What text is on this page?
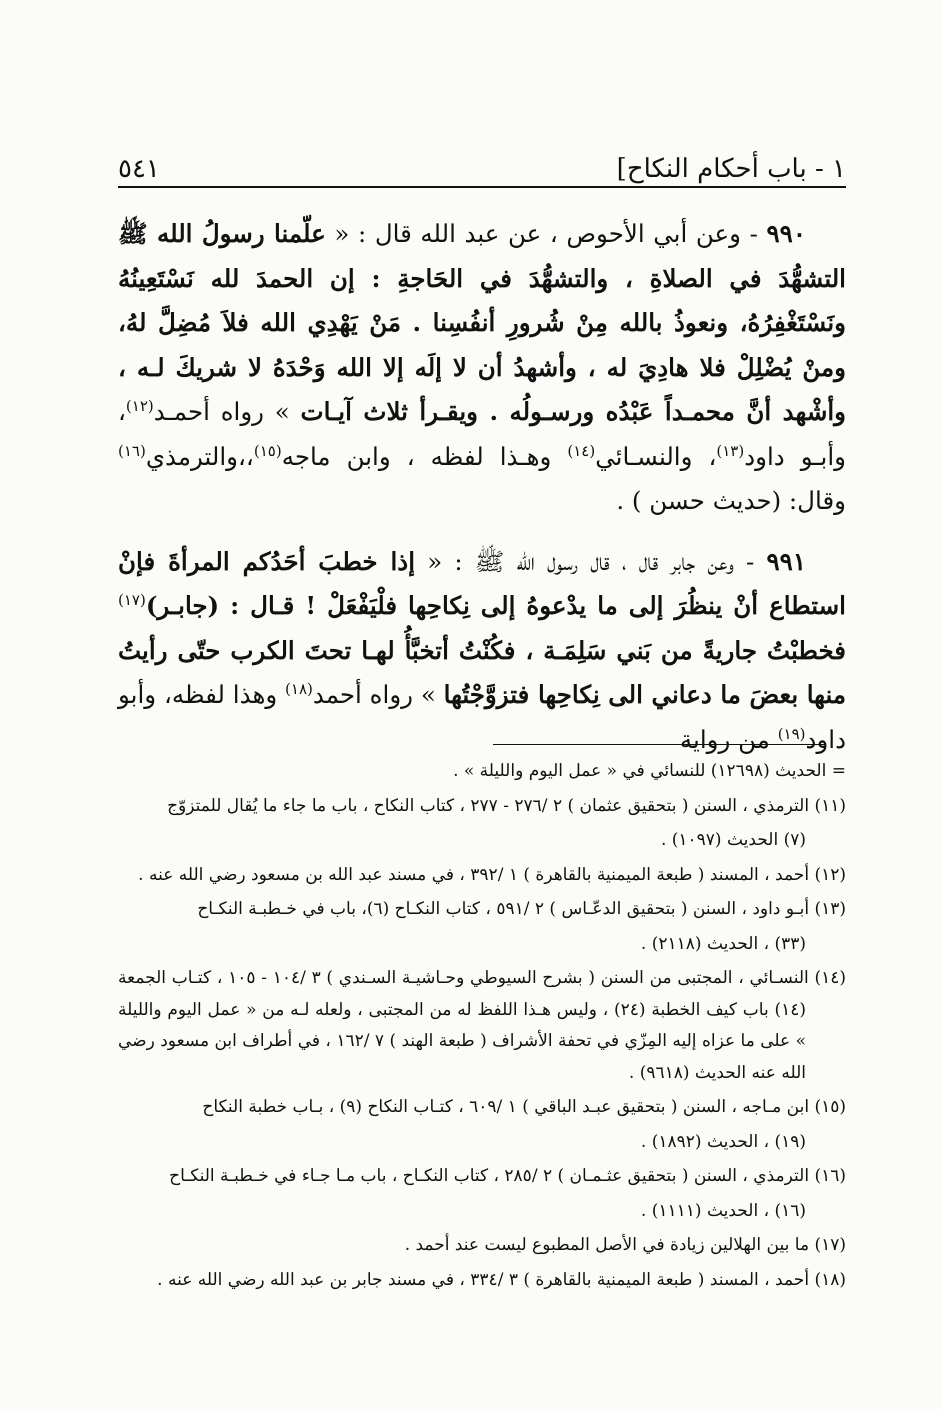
١ - باب أحكام النكاح]
٥٤١

٩٩٠ - وعن أبي الأحوص ، عن عبد الله قال : « علّمنا رسولُ الله ﷺ التشهُّدَ في الصلاةِ ، والتشهُّدَ في الحَاجةِ : إن الحمدَ لله نَسْتَعِينُهُ ونَسْتَغْفِرُهُ، ونعوذُ بالله مِنْ شُرورِ أنفُسِنا . مَنْ يَهْدِي الله فلاَ مُضِلَّ لهُ، ومنْ يُضْلِلْ فلا هادِيَ له ، وأشهدُ أن لا إلَه إلا الله وَحْدَهُ لا شريكَ لـه ، وأشْهد أنَّ محمـداً عَبْدُه ورسـولُه . ويقـرأ ثلاث آيـات » رواه أحمـد$^{(١٢)}$، وأبـو داود$^{(١٣)}$، والنسـائي$^{(١٤)}$ وهـذا لفظه ، وابن ماجه$^{(١٥)}$،،والترمذي$^{(١٦)}$ وقال: (حديث حسن ) .

٩٩١ - وعن جابر قال ، قال رسول الله ﷺ : « إذا خطبَ أحَدُكم المرأةَ فإنْ استطاع أنْ ينظُرَ إلى ما يدْعوهُ إلى نِكاحِها فلْيَفْعَلْ ! قـال : (جابـر)$^{(١٧)}$ فخطبْتُ جاريةً من بَني سَلِمَـة ، فكُنْتُ أتخبَّأُ لهـا تحتَ الكرب حتّى رأيتُ منها بعضَ ما دعاني الى نِكاحِها فتزوَّجْتُها » رواه أحمد$^{(١٨)}$ وهذا لفظه، وأبو داود$^{(١٩)}$ من رواية

= الحديث (١٢٦٩٨) للنسائي في « عمل اليوم والليلة » .
(١١) الترمذي ، السنن ( بتحقيق عثمان ) ٢ /٢٧٦ - ٢٧٧ ، كتاب النكاح ، باب ما جاء ما يُقال للمتزوّج
(٧) الحديث (١٠٩٧) .
(١٢) أحمد ، المسند ( طبعة الميمنية بالقاهرة ) ١ /٣٩٢ ، في مسند عبد الله بن مسعود رضي الله عنه .
(١٣) أبـو داود ، السنن ( بتحقيق الدعّـاس ) ٢ /٥٩١ ، كتاب النكـاح (٦)، باب في خـطبـة النكـاح
(٣٣) ، الحديث (٢١١٨) .
(١٤) النسـائي ، المجتبى من السنن ( بشرح السيوطي وحـاشيـة السـندي ) ٣ /١٠٤ - ١٠٥ ، كتـاب الجمعة (١٤) باب كيف الخطبة (٢٤) ، وليس هـذا اللفظ له من المجتبى ، ولعله لـه من « عمل اليوم والليلة » على ما عزاه إليه المِزّي في تحفة الأشراف ( طبعة الهند ) ٧ /١٦٢ ، في أطراف ابن مسعود رضي الله عنه الحديث (٩٦١٨) .
(١٥) ابن مـاجه ، السنن ( بتحقيق عبـد الباقي ) ١ /٦٠٩ ، كتـاب النكاح (٩) ، بـاب خطبة النكاح
(١٩) ، الحديث (١٨٩٢) .
(١٦) الترمذي ، السنن ( بتحقيق عثـمـان ) ٢ /٢٨٥ ، كتاب النكـاح ، باب مـا جـاء في خـطبـة النكـاح
(١٦) ، الحديث (١١١١) .
(١٧) ما بين الهلالين زيادة في الأصل المطبوع ليست عند أحمد .
(١٨) أحمد ، المسند ( طبعة الميمنية بالقاهرة ) ٣ /٣٣٤ ، في مسند جابر بن عبد الله رضي الله عنه .
